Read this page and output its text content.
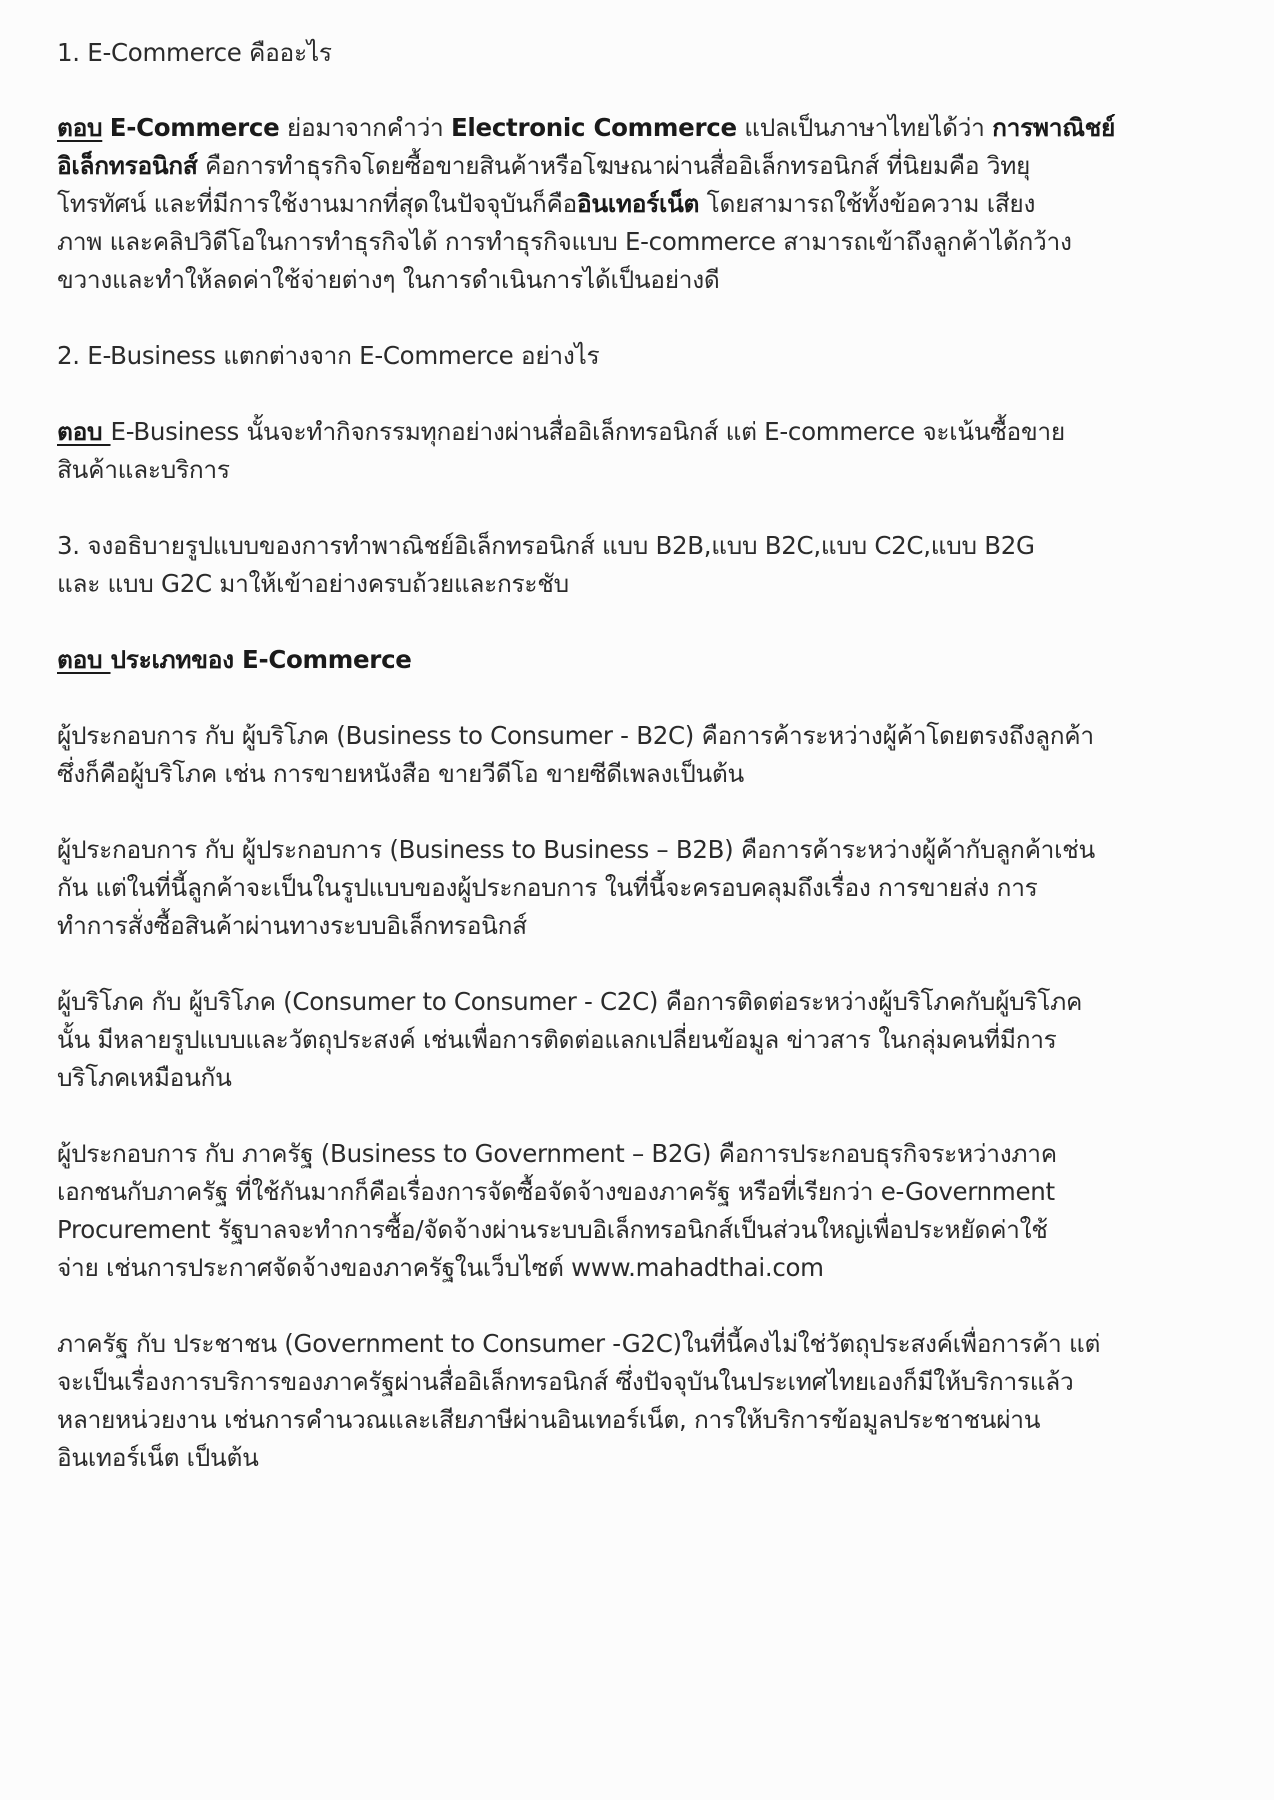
1. E-Commerce คืออะไร
ตอบ E-Commerce ย่อมาจากคำว่า Electronic Commerce แปลเป็นภาษาไทยได้ว่า การพาณิชย์
อิเล็กทรอนิกส์ คือการทำธุรกิจโดยซื้อขายสินค้าหรือโฆษณาผ่านสื่ออิเล็กทรอนิกส์ ที่นิยมคือ วิทยุ
โทรทัศน์ และที่มีการใช้งานมากที่สุดในปัจจุบันก็คืออินเทอร์เน็ต โดยสามารถใช้ทั้งข้อความ เสียง
ภาพ และคลิปวิดีโอในการทำธุรกิจได้ การทำธุรกิจแบบ E-commerce สามารถเข้าถึงลูกค้าได้กว้าง
ขวางและทำให้ลดค่าใช้จ่ายต่างๆ ในการดำเนินการได้เป็นอย่างดี
2. E-Business แตกต่างจาก E-Commerce อย่างไร
ตอบ E-Business นั้นจะทำกิจกรรมทุกอย่างผ่านสื่ออิเล็กทรอนิกส์ แต่ E-commerce จะเน้นซื้อขาย
สินค้าและบริการ
3. จงอธิบายรูปแบบของการทำพาณิชย์อิเล็กทรอนิกส์ แบบ B2B,แบบ B2C,แบบ C2C,แบบ B2G
และ แบบ G2C มาให้เข้าอย่างครบถ้วยและกระชับ
ตอบ ประเภทของ E-Commerce
ผู้ประกอบการ กับ ผู้บริโภค (Business to Consumer - B2C) คือการค้าระหว่างผู้ค้าโดยตรงถึงลูกค้า
ซึ่งก็คือผู้บริโภค เช่น การขายหนังสือ ขายวีดีโอ ขายซีดีเพลงเป็นต้น
ผู้ประกอบการ กับ ผู้ประกอบการ (Business to Business – B2B) คือการค้าระหว่างผู้ค้ากับลูกค้าเช่น
กัน แต่ในที่นี้ลูกค้าจะเป็นในรูปแบบของผู้ประกอบการ ในที่นี้จะครอบคลุมถึงเรื่อง การขายส่ง การ
ทำการสั่งซื้อสินค้าผ่านทางระบบอิเล็กทรอนิกส์
ผู้บริโภค กับ ผู้บริโภค (Consumer to Consumer - C2C) คือการติดต่อระหว่างผู้บริโภคกับผู้บริโภค
นั้น มีหลายรูปแบบและวัตถุประสงค์ เช่นเพื่อการติดต่อแลกเปลี่ยนข้อมูล ข่าวสาร ในกลุ่มคนที่มีการ
บริโภคเหมือนกัน
ผู้ประกอบการ กับ ภาครัฐ (Business to Government – B2G) คือการประกอบธุรกิจระหว่างภาค
เอกชนกับภาครัฐ ที่ใช้กันมากก็คือเรื่องการจัดซื้อจัดจ้างของภาครัฐ หรือที่เรียกว่า e-Government
Procurement รัฐบาลจะทำการซื้อ/จัดจ้างผ่านระบบอิเล็กทรอนิกส์เป็นส่วนใหญ่เพื่อประหยัดค่าใช้
จ่าย เช่นการประกาศจัดจ้างของภาครัฐในเว็บไซต์ www.mahadthai.com
ภาครัฐ กับ ประชาชน (Government to Consumer -G2C)ในที่นี้คงไม่ใช่วัตถุประสงค์เพื่อการค้า แต่
จะเป็นเรื่องการบริการของภาครัฐผ่านสื่ออิเล็กทรอนิกส์ ซึ่งปัจจุบันในประเทศไทยเองก็มีให้บริการแล้ว
หลายหน่วยงาน เช่นการคำนวณและเสียภาษีผ่านอินเทอร์เน็ต, การให้บริการข้อมูลประชาชนผ่าน
อินเทอร์เน็ต เป็นต้น
